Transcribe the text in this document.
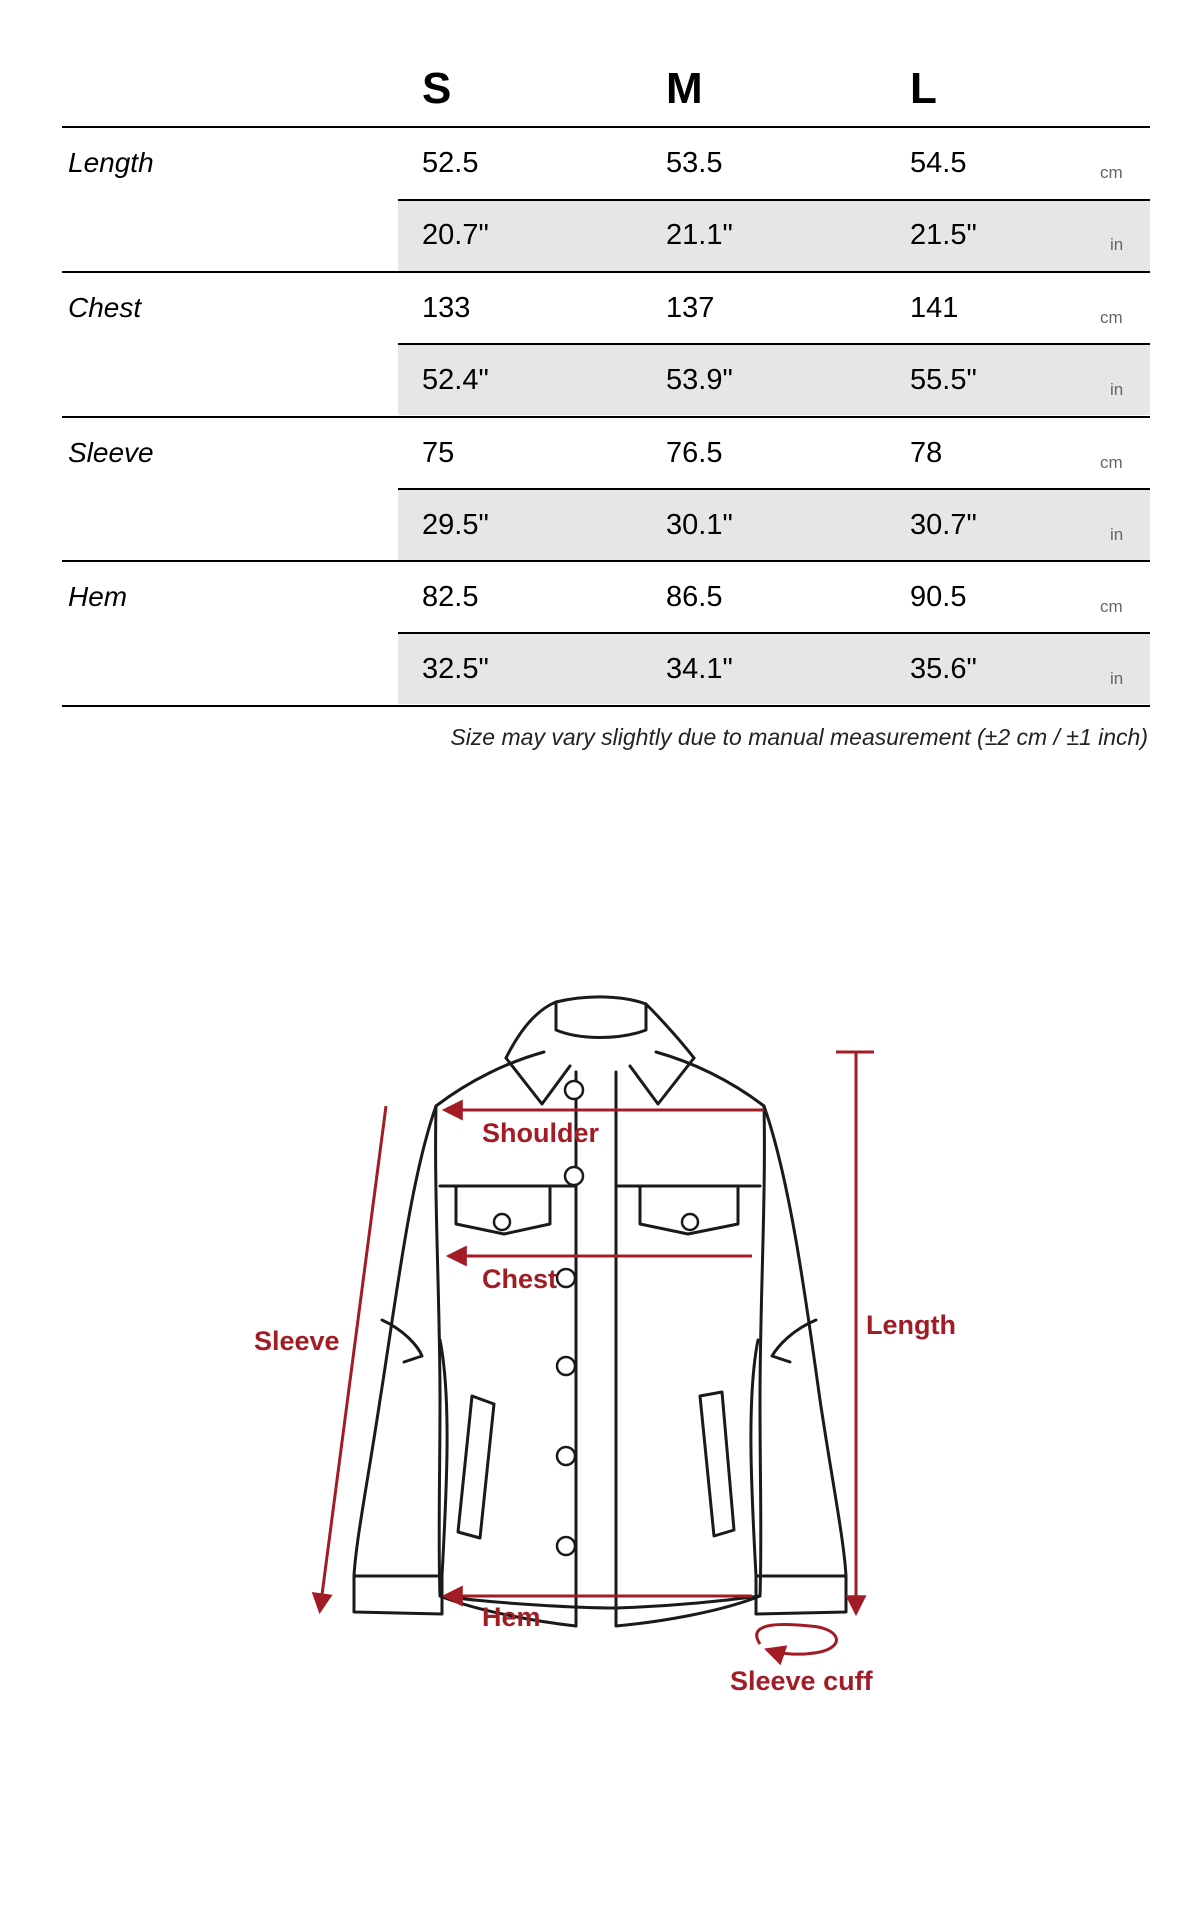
S	M	L
Length	52.5	53.5	54.5	cm
20.7"	21.1"	21.5"	in
Chest	133	137	141	cm
52.4"	53.9"	55.5"	in
Sleeve	75	76.5	78	cm
29.5"	30.1"	30.7"	in
Hem	82.5	86.5	90.5	cm
32.5"	34.1"	35.6"	in
Size may vary slightly due to manual measurement (±2 cm / ±1 inch)
Shoulder
Chest
Sleeve
Length
Hem
Sleeve cuff
